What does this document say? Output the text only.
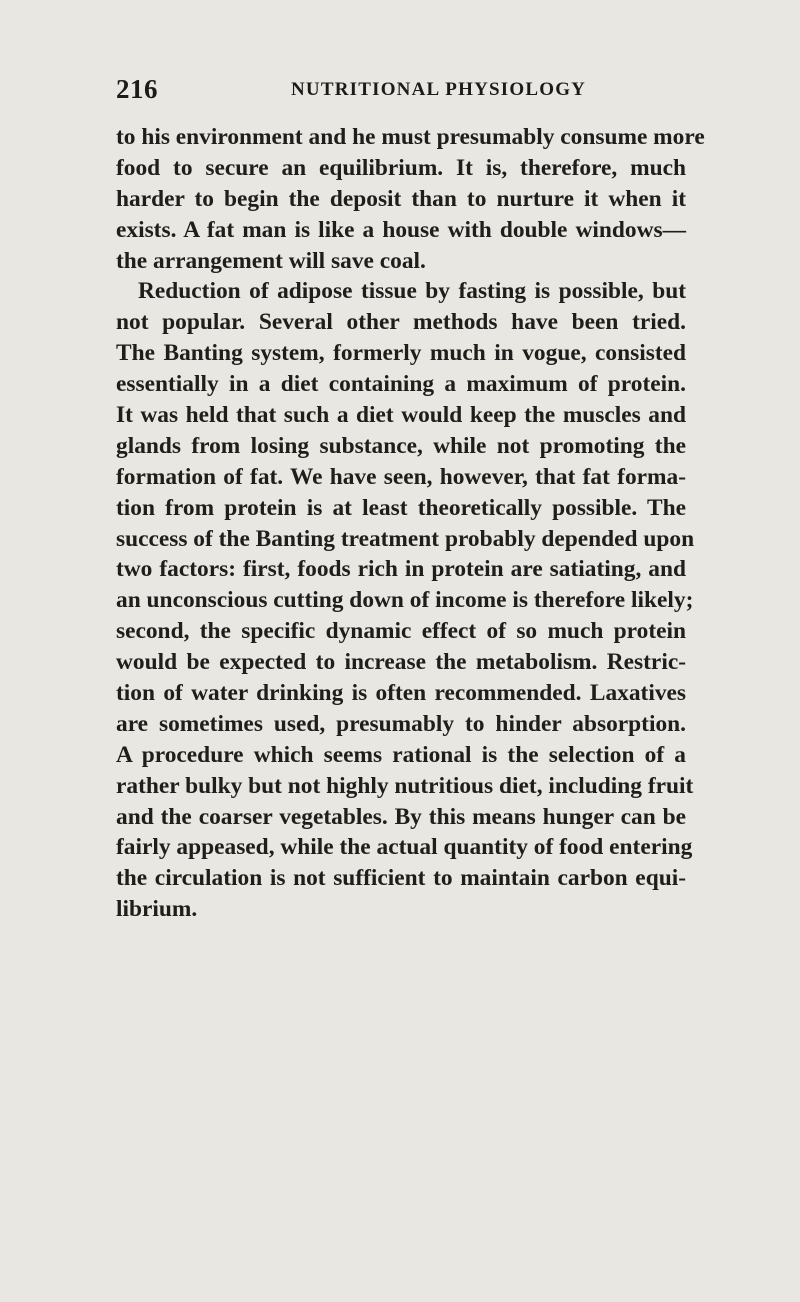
216	NUTRITIONAL PHYSIOLOGY
to his environment and he must presumably consume more
food to secure an equilibrium. It is, therefore, much
harder to begin the deposit than to nurture it when it
exists. A fat man is like a house with double windows—
the arrangement will save coal.
Reduction of adipose tissue by fasting is possible, but
not popular. Several other methods have been tried.
The Banting system, formerly much in vogue, consisted
essentially in a diet containing a maximum of protein.
It was held that such a diet would keep the muscles and
glands from losing substance, while not promoting the
formation of fat. We have seen, however, that fat forma-
tion from protein is at least theoretically possible. The
success of the Banting treatment probably depended upon
two factors: first, foods rich in protein are satiating, and
an unconscious cutting down of income is therefore likely;
second, the specific dynamic effect of so much protein
would be expected to increase the metabolism. Restric-
tion of water drinking is often recommended. Laxatives
are sometimes used, presumably to hinder absorption.
A procedure which seems rational is the selection of a
rather bulky but not highly nutritious diet, including fruit
and the coarser vegetables. By this means hunger can be
fairly appeased, while the actual quantity of food entering
the circulation is not sufficient to maintain carbon equi-
librium.
